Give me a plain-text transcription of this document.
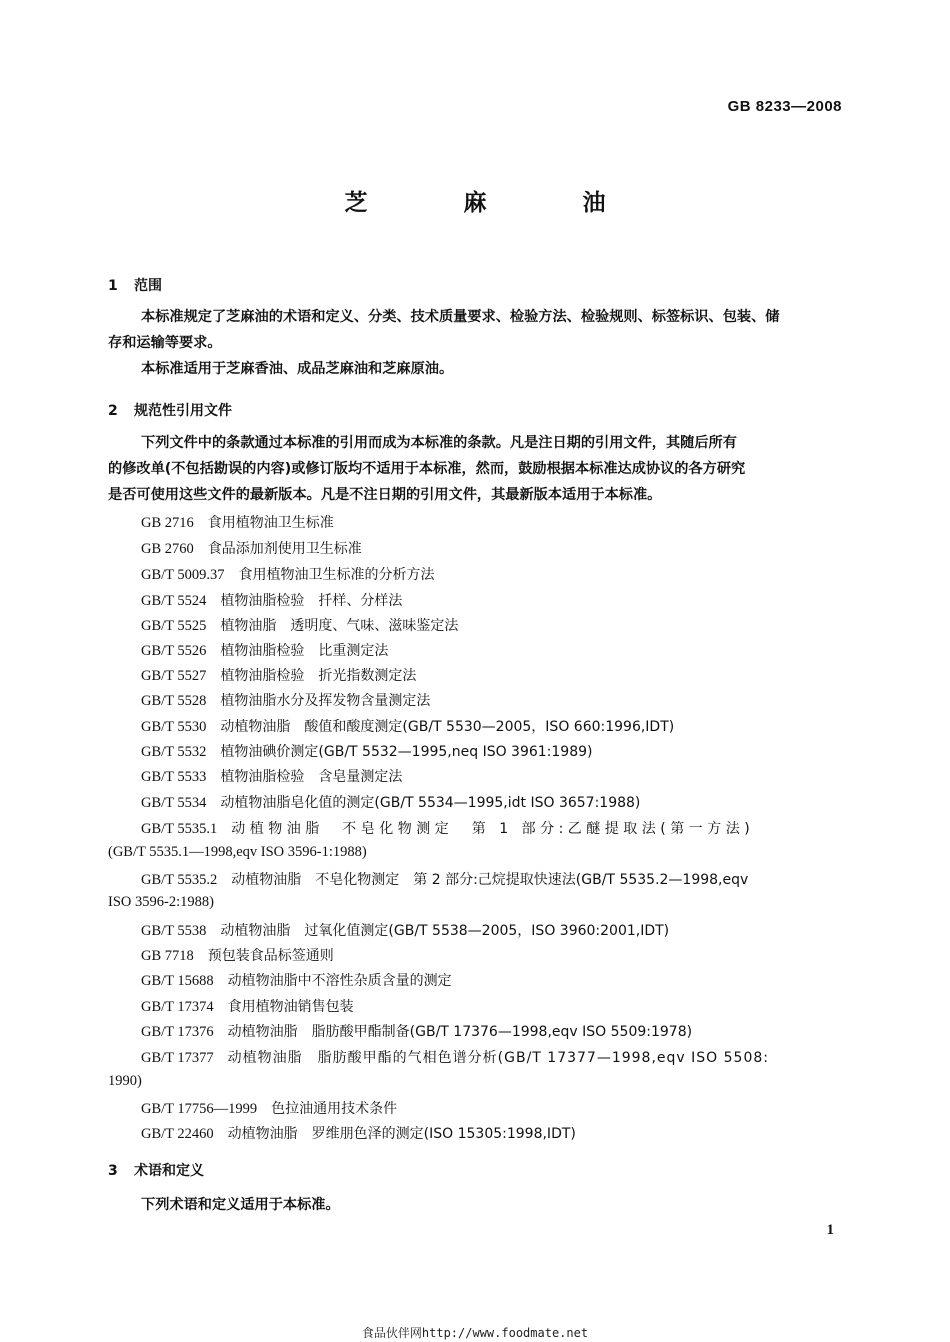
GB 8233—2008
芝 麻 油
1 范围
本标准规定了芝麻油的术语和定义、分类、技术质量要求、检验方法、检验规则、标签标识、包装、储
存和运输等要求。
本标准适用于芝麻香油、成品芝麻油和芝麻原油。
2 规范性引用文件
下列文件中的条款通过本标准的引用而成为本标准的条款。凡是注日期的引用文件，其随后所有
的修改单(不包括勘误的内容)或修订版均不适用于本标准，然而，鼓励根据本标准达成协议的各方研究
是否可使用这些文件的最新版本。凡是不注日期的引用文件，其最新版本适用于本标准。
GB 2716  食用植物油卫生标准
GB 2760  食品添加剂使用卫生标准
GB/T 5009.37  食用植物油卫生标准的分析方法
GB/T 5524  植物油脂检验　扦样、分样法
GB/T 5525  植物油脂　透明度、气味、滋味鉴定法
GB/T 5526  植物油脂检验　比重测定法
GB/T 5527  植物油脂检验　折光指数测定法
GB/T 5528  植物油脂水分及挥发物含量测定法
GB/T 5530  动植物油脂　酸值和酸度测定(GB/T 5530—2005，ISO 660:1996,IDT)
GB/T 5532  植物油碘价测定(GB/T 5532—1995,neq ISO 3961:1989)
GB/T 5533  植物油脂检验　含皂量测定法
GB/T 5534  动植物油脂皂化值的测定(GB/T 5534—1995,idt ISO 3657:1988)
GB/T 5535.1  动植物油脂　不皂化物测定　第 1 部分:乙醚提取法(第一方法)
(GB/T 5535.1—1998,eqv ISO 3596-1:1988)
GB/T 5535.2  动植物油脂　不皂化物测定　第 2 部分:己烷提取快速法(GB/T 5535.2—1998,eqv
ISO 3596-2:1988)
GB/T 5538  动植物油脂　过氧化值测定(GB/T 5538—2005，ISO 3960:2001,IDT)
GB 7718  预包装食品标签通则
GB/T 15688  动植物油脂中不溶性杂质含量的测定
GB/T 17374  食用植物油销售包装
GB/T 17376  动植物油脂　脂肪酸甲酯制备(GB/T 17376—1998,eqv ISO 5509:1978)
GB/T 17377  动植物油脂　脂肪酸甲酯的气相色谱分析(GB/T 17377—1998,eqv ISO 5508:
1990)
GB/T 17756—1999  色拉油通用技术条件
GB/T 22460  动植物油脂　罗维朋色泽的测定(ISO 15305:1998,IDT)
3 术语和定义
下列术语和定义适用于本标准。
1
食品伙伴网http://www.foodmate.net
